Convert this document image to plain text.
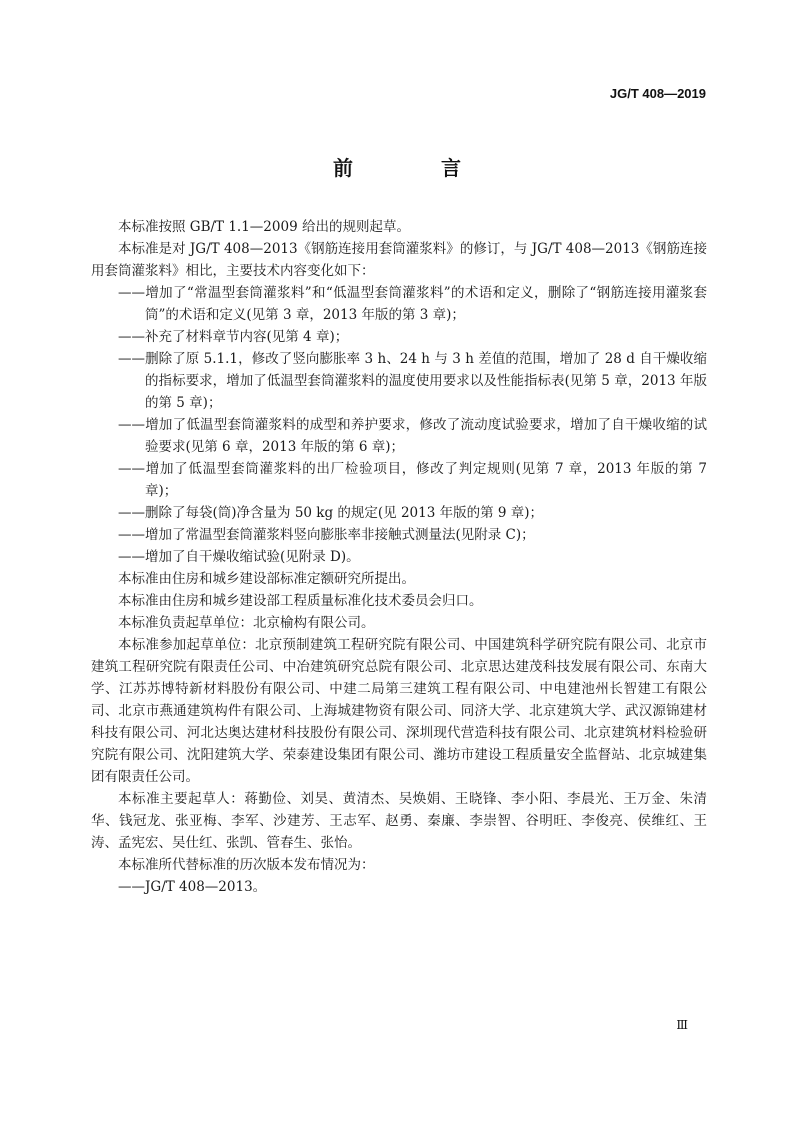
JG/T 408—2019
前　言

本标准按照 GB/T 1.1—2009 给出的规则起草。

本标准是对 JG/T 408—2013《钢筋连接用套筒灌浆料》的修订，与 JG/T 408—2013《钢筋连接用套筒灌浆料》相比，主要技术内容变化如下：

——增加了“常温型套筒灌浆料”和“低温型套筒灌浆料”的术语和定义，删除了“钢筋连接用灌浆套筒”的术语和定义(见第 3 章，2013 年版的第 3 章)；

——补充了材料章节内容(见第 4 章)；

——删除了原 5.1.1，修改了竖向膨胀率 3 h、24 h 与 3 h 差值的范围，增加了 28 d 自干燥收缩的指标要求，增加了低温型套筒灌浆料的温度使用要求以及性能指标表(见第 5 章，2013 年版的第 5 章)；

——增加了低温型套筒灌浆料的成型和养护要求，修改了流动度试验要求，增加了自干燥收缩的试验要求(见第 6 章，2013 年版的第 6 章)；

——增加了低温型套筒灌浆料的出厂检验项目，修改了判定规则(见第 7 章，2013 年版的第 7 章)；

——删除了每袋(筒)净含量为 50 kg 的规定(见 2013 年版的第 9 章)；

——增加了常温型套筒灌浆料竖向膨胀率非接触式测量法(见附录 C)；

——增加了自干燥收缩试验(见附录 D)。

本标准由住房和城乡建设部标准定额研究所提出。

本标准由住房和城乡建设部工程质量标准化技术委员会归口。

本标准负责起草单位：北京榆构有限公司。

本标准参加起草单位：北京预制建筑工程研究院有限公司、中国建筑科学研究院有限公司、北京市建筑工程研究院有限责任公司、中冶建筑研究总院有限公司、北京思达建茂科技发展有限公司、东南大学、江苏苏博特新材料股份有限公司、中建二局第三建筑工程有限公司、中电建池州长智建工有限公司、北京市燕通建筑构件有限公司、上海城建物资有限公司、同济大学、北京建筑大学、武汉源锦建材科技有限公司、河北达奥达建材科技股份有限公司、深圳现代营造科技有限公司、北京建筑材料检验研究院有限公司、沈阳建筑大学、荣泰建设集团有限公司、潍坊市建设工程质量安全监督站、北京城建集团有限责任公司。

本标准主要起草人：蒋勤俭、刘昊、黄清杰、吴焕娟、王晓锋、李小阳、李晨光、王万金、朱清华、钱冠龙、张亚梅、李军、沙建芳、王志军、赵勇、秦廉、李崇智、谷明旺、李俊亮、侯维红、王涛、孟宪宏、吴仕红、张凯、管春生、张怡。

本标准所代替标准的历次版本发布情况为：

——JG/T 408—2013。

Ⅲ
